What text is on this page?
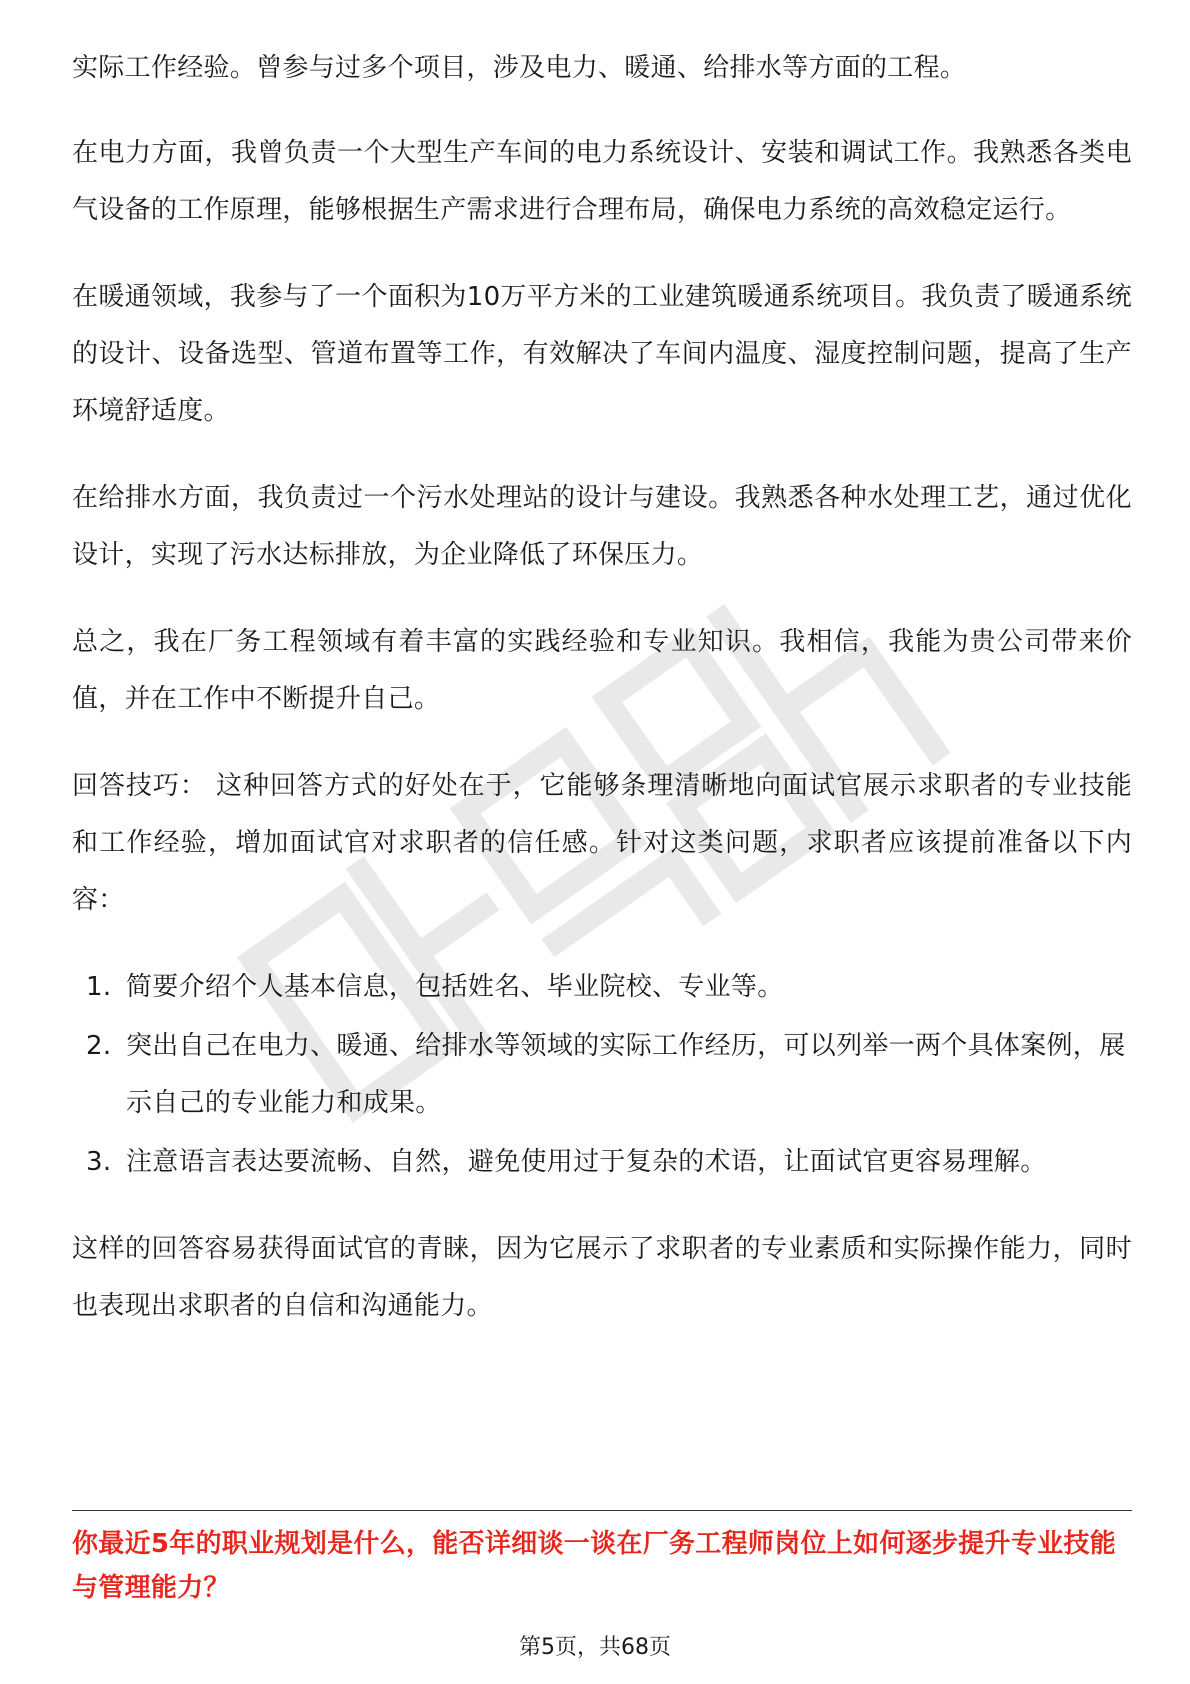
实际工作经验。曾参与过多个项目，涉及电力、暖通、给排水等方面的工程。

在电力方面，我曾负责一个大型生产车间的电力系统设计、安装和调试工作。我熟悉各类电气设备的工作原理，能够根据生产需求进行合理布局，确保电力系统的高效稳定运行。

在暖通领域，我参与了一个面积为10万平方米的工业建筑暖通系统项目。我负责了暖通系统的设计、设备选型、管道布置等工作，有效解决了车间内温度、湿度控制问题，提高了生产环境舒适度。

在给排水方面，我负责过一个污水处理站的设计与建设。我熟悉各种水处理工艺，通过优化设计，实现了污水达标排放，为企业降低了环保压力。

总之，我在厂务工程领域有着丰富的实践经验和专业知识。我相信，我能为贵公司带来价值，并在工作中不断提升自己。

回答技巧： 这种回答方式的好处在于，它能够条理清晰地向面试官展示求职者的专业技能和工作经验，增加面试官对求职者的信任感。针对这类问题，求职者应该提前准备以下内容：

1. 简要介绍个人基本信息，包括姓名、毕业院校、专业等。
2. 突出自己在电力、暖通、给排水等领域的实际工作经历，可以列举一两个具体案例，展示自己的专业能力和成果。
3. 注意语言表达要流畅、自然，避免使用过于复杂的术语，让面试官更容易理解。

这样的回答容易获得面试官的青睐，因为它展示了求职者的专业素质和实际操作能力，同时也表现出求职者的自信和沟通能力。

你最近5年的职业规划是什么，能否详细谈一谈在厂务工程师岗位上如何逐步提升专业技能与管理能力？
第5页，共68页
